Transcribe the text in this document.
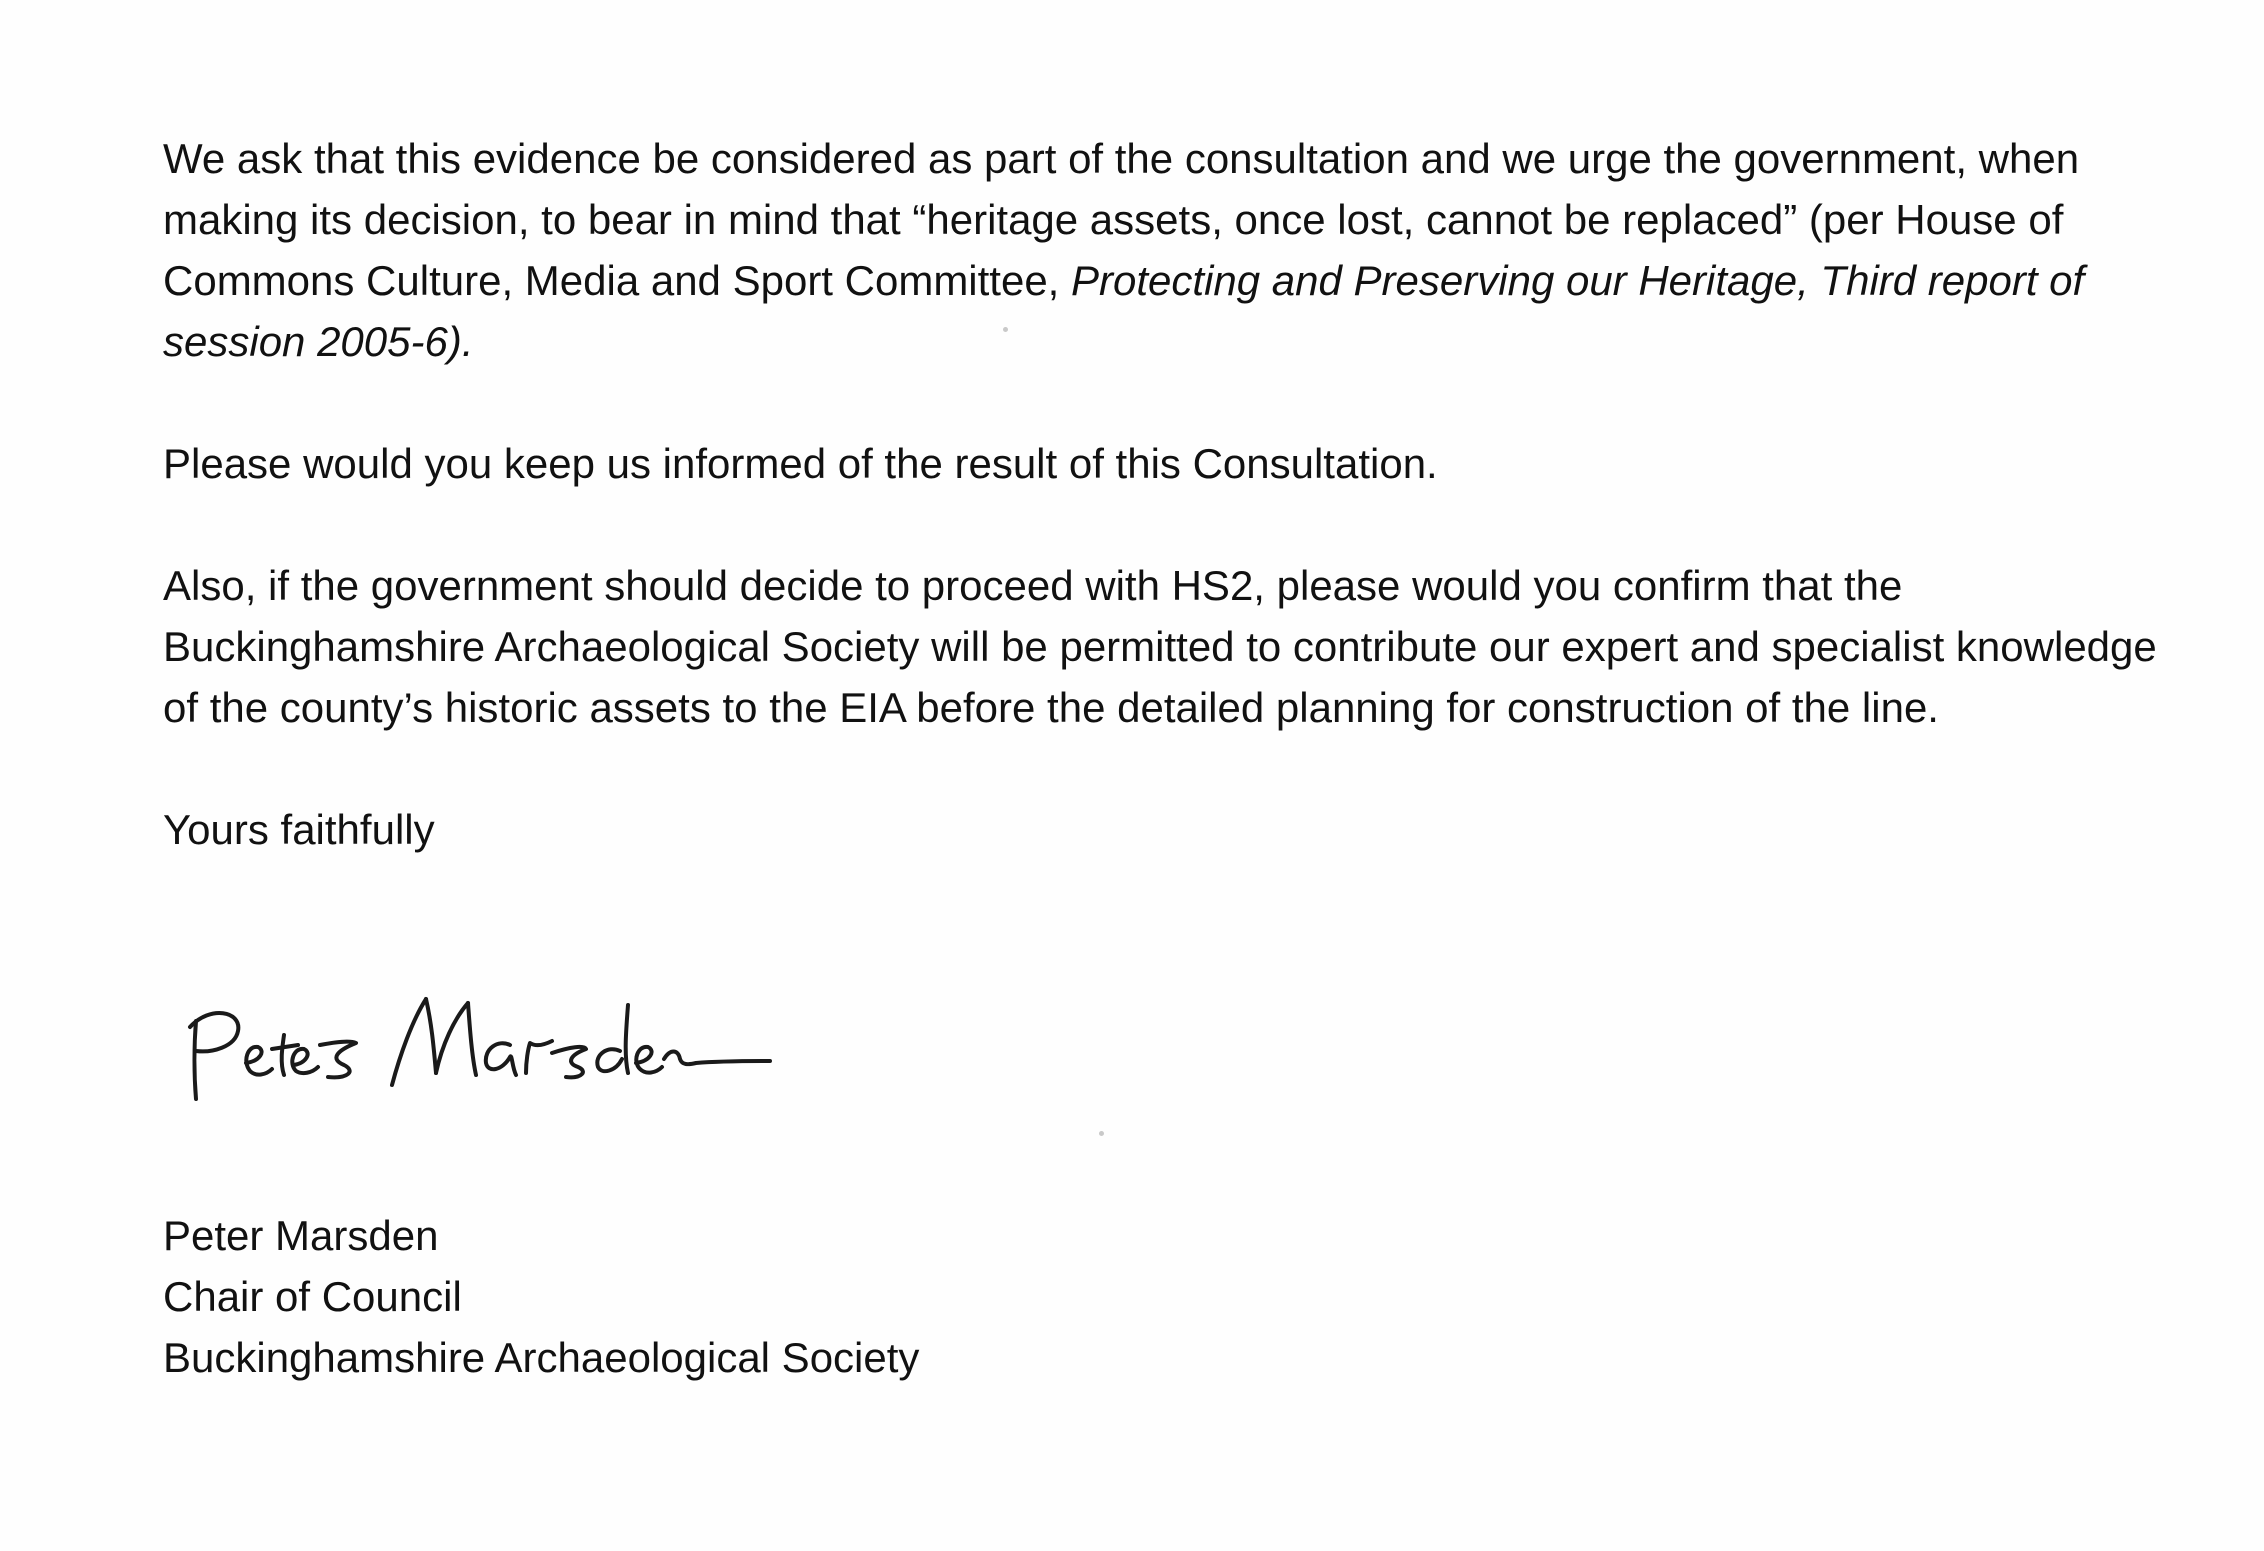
We ask that this evidence be considered as part of the consultation and we urge the government, when making its decision, to bear in mind that “heritage assets, once lost, cannot be replaced” (per House of Commons Culture, Media and Sport Committee, Protecting and Preserving our Heritage, Third report of session 2005-6).

Please would you keep us informed of the result of this Consultation.

Also, if the government should decide to proceed with HS2, please would you confirm that the Buckinghamshire Archaeological Society will be permitted to contribute our expert and specialist knowledge of the county’s historic assets to the EIA before the detailed planning for construction of the line.

Yours faithfully

Peter Marsden
Chair of Council
Buckinghamshire Archaeological Society
